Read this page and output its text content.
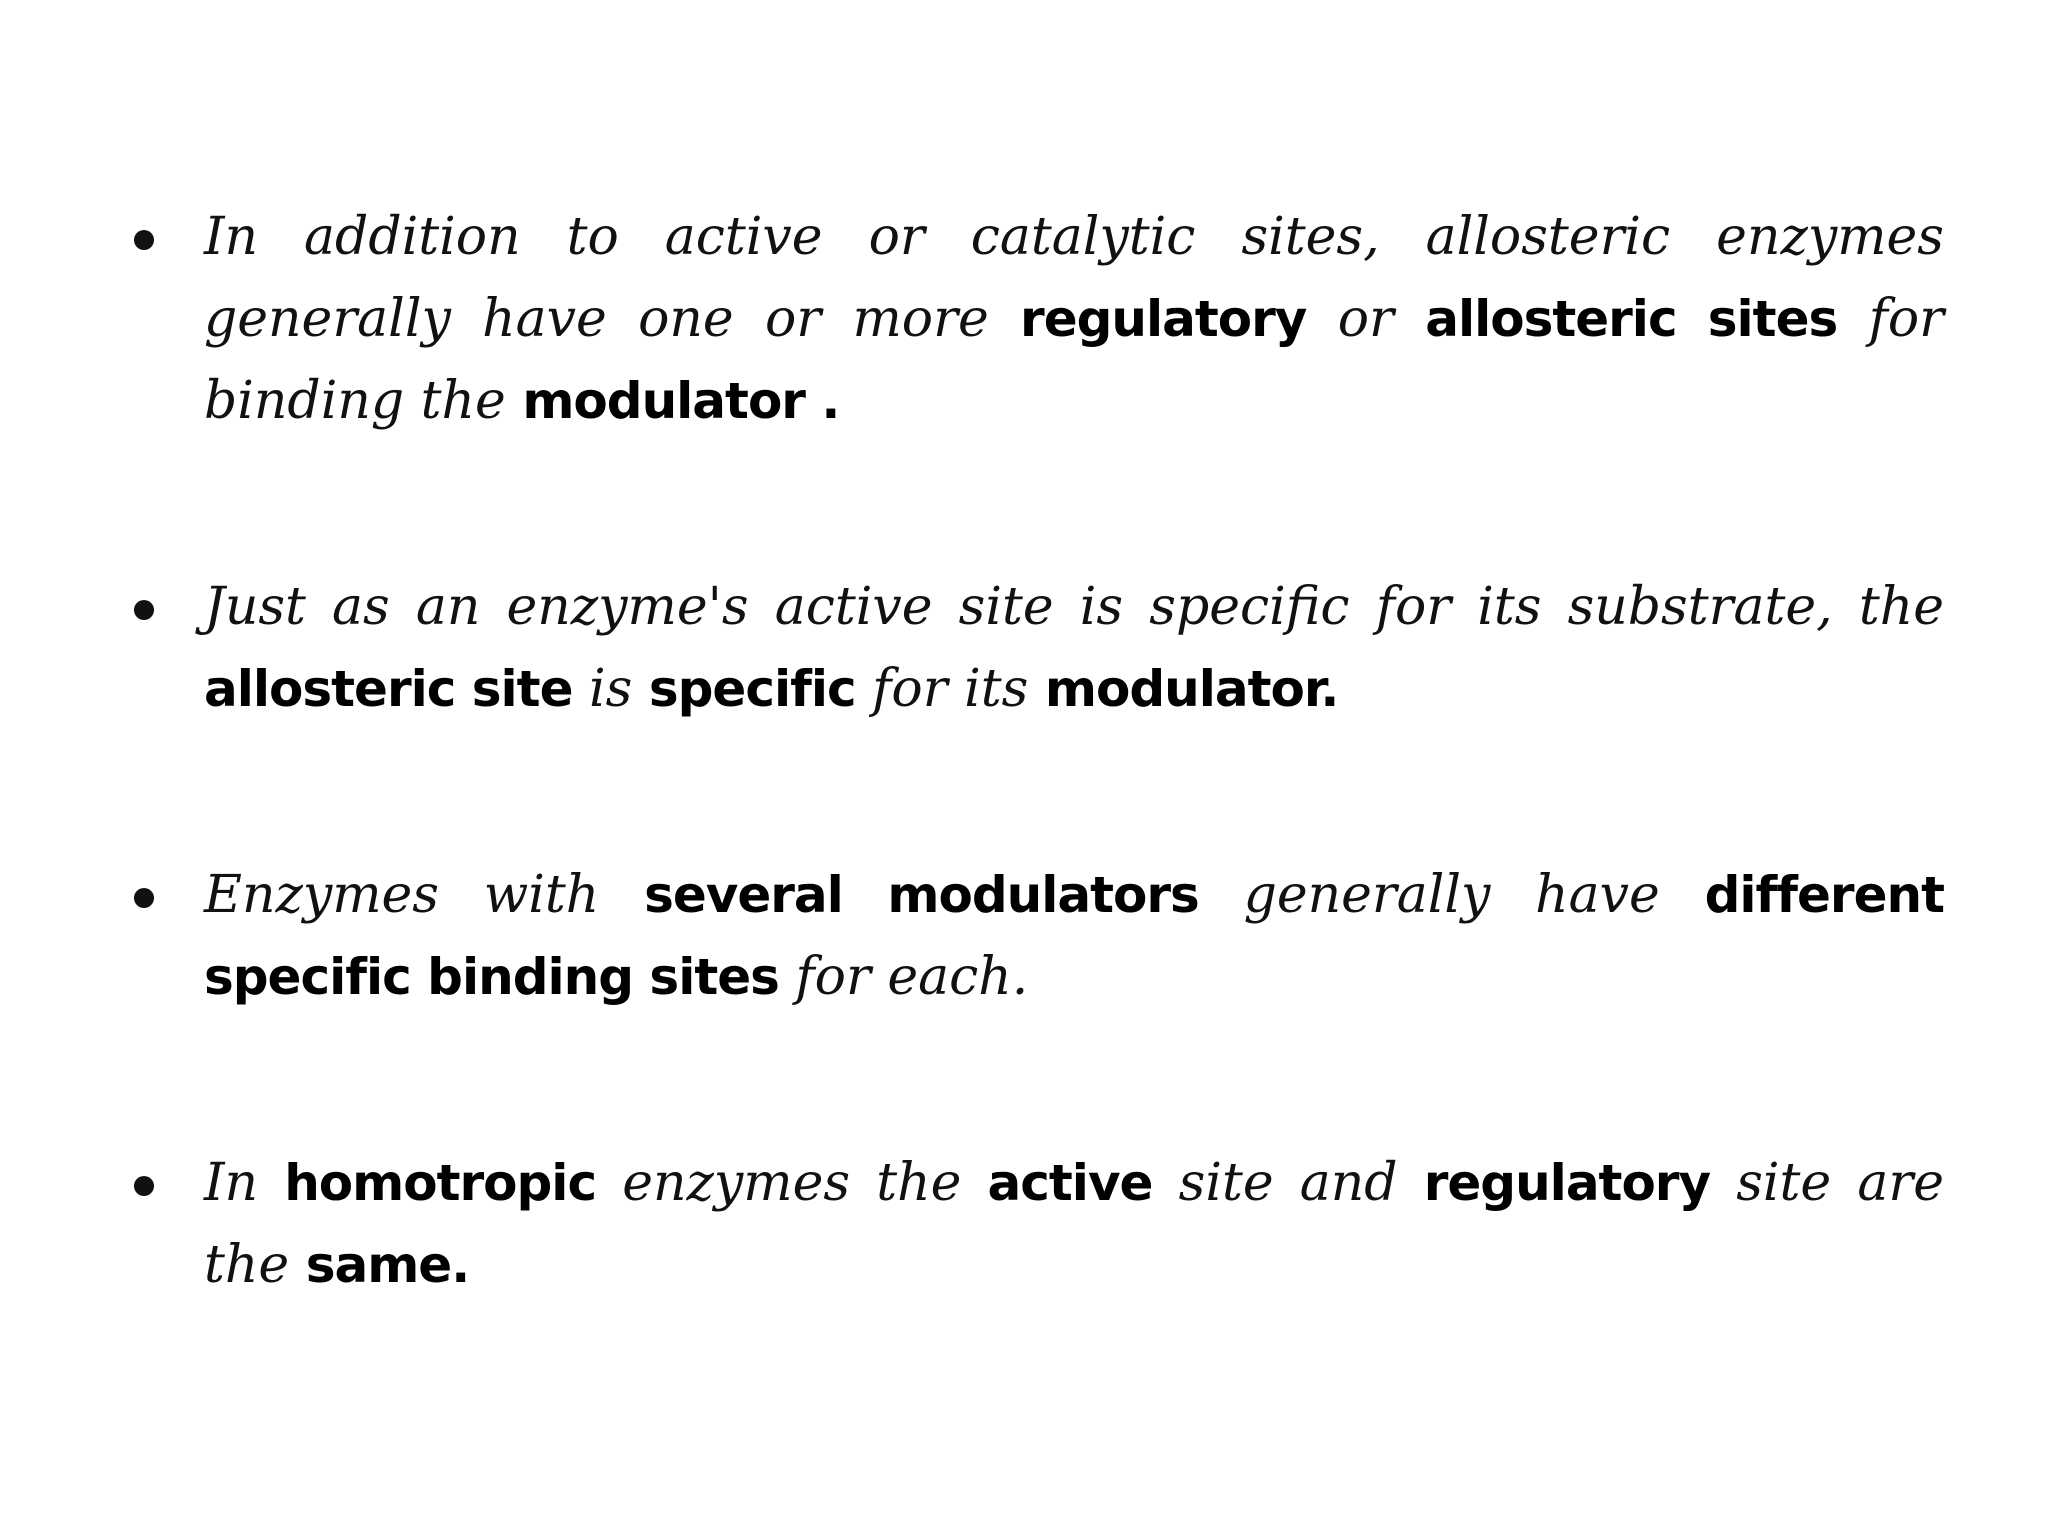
In addition to active or catalytic sites, allosteric enzymes generally have one or more regulatory or allosteric sites for binding the modulator .
Just as an enzyme's active site is specific for its substrate, the allosteric site is specific for its modulator.
Enzymes with several modulators generally have different specific binding sites for each.
In homotropic enzymes the active site and regulatory site are the same.
